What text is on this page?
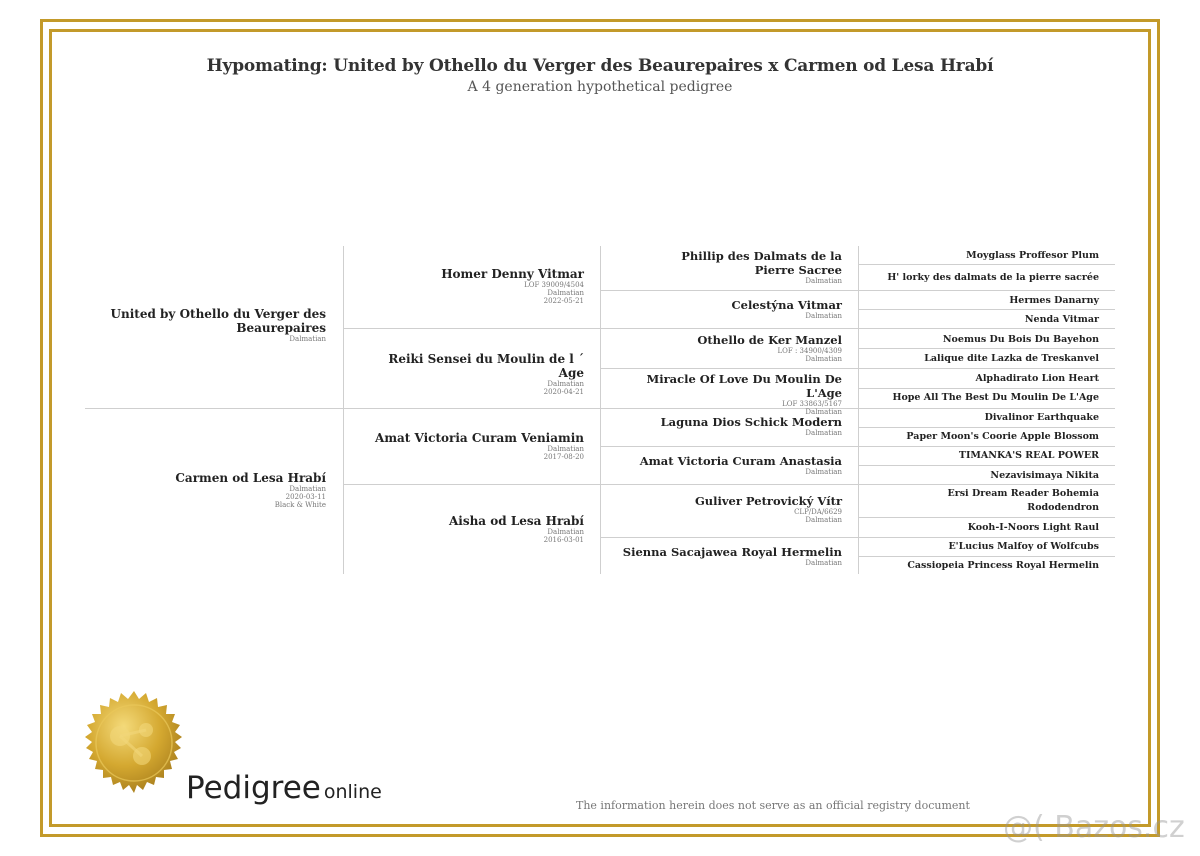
Hypomating: United by Othello du Verger des Beaurepaires x Carmen od Lesa Hrabí
A 4 generation hypothetical pedigree
United by Othello du Verger des Beaurepaires
Dalmatian
Carmen od Lesa Hrabí
Dalmatian
2020-03-11
Black & White
Homer Denny Vitmar
LOF 39009/4504
Dalmatian
2022-05-21
Reiki Sensei du Moulin de l ´ Age
Dalmatian
2020-04-21
Amat Victoria Curam Veniamin
Dalmatian
2017-08-20
Aisha od Lesa Hrabí
Dalmatian
2016-03-01
Phillip des Dalmats de la Pierre Sacree
Dalmatian
Celestýna Vitmar
Dalmatian
Othello de Ker Manzel
LOF : 34900/4309
Dalmatian
Miracle Of Love Du Moulin De L'Age
LOF 33863/5167
Dalmatian
Laguna Dios Schick Modern
Dalmatian
Amat Victoria Curam Anastasia
Dalmatian
Guliver Petrovický Vítr
CLP/DA/6629
Dalmatian
Sienna Sacajawea Royal Hermelin
Dalmatian
Moyglass Proffesor Plum
H' lorky des dalmats de la pierre sacrée
Hermes Danarny
Nenda Vitmar
Noemus Du Bois Du Bayehon
Lalique dite Lazka de Treskanvel
Alphadirato Lion Heart
Hope All The Best Du Moulin De L'Age
Divalinor Earthquake
Paper Moon's Coorie Apple Blossom
TIMANKA'S REAL POWER
Nezavisimaya Nikita
Ersi Dream Reader Bohemia Rododendron
Kooh-I-Noors Light Raul
E'Lucius Malfoy of Wolfcubs
Cassiopeia Princess Royal Hermelin
Pedigree online
The information herein does not serve as an official registry document
@( Bazos.cz
